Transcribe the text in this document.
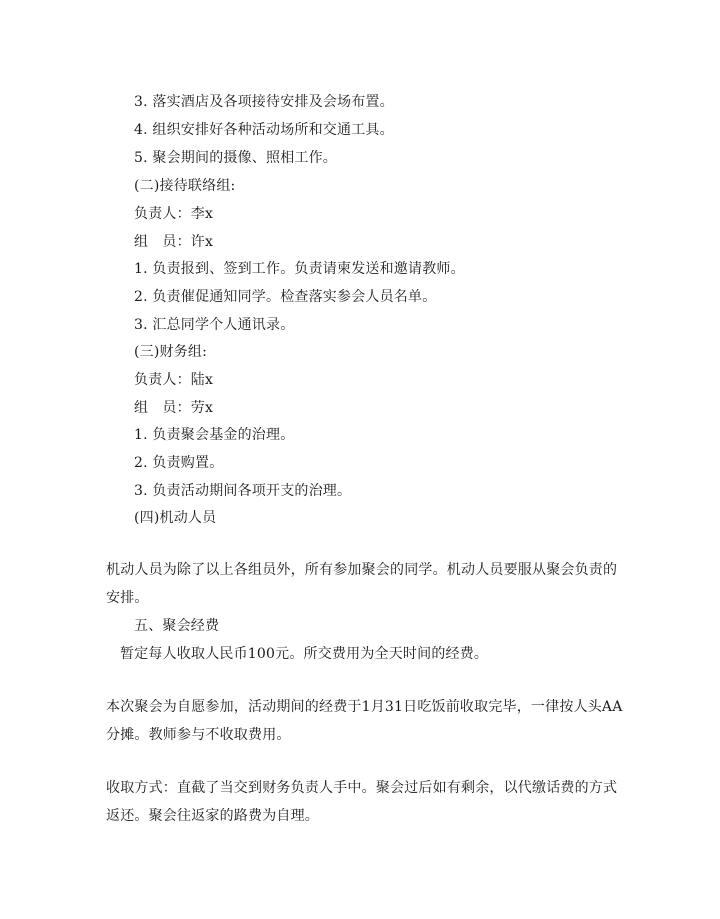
3. 落实酒店及各项接待安排及会场布置。
4. 组织安排好各种活动场所和交通工具。
5. 聚会期间的摄像、照相工作。
(二)接待联络组:
负责人：李x
组　员：许x
1. 负责报到、签到工作。负责请柬发送和邀请教师。
2. 负责催促通知同学。检查落实参会人员名单。
3. 汇总同学个人通讯录。
(三)财务组:
负责人：陆x
组　员：劳x
1. 负责聚会基金的治理。
2. 负责购置。
3. 负责活动期间各项开支的治理。
(四)机动人员
机动人员为除了以上各组员外，所有参加聚会的同学。机动人员要服从聚会负责的
安排。
五、聚会经费
暂定每人收取人民币100元。所交费用为全天时间的经费。
本次聚会为自愿参加，活动期间的经费于1月31日吃饭前收取完毕，一律按人头AA
分摊。教师参与不收取费用。
收取方式：直截了当交到财务负责人手中。聚会过后如有剩余，以代缴话费的方式
返还。聚会往返家的路费为自理。
